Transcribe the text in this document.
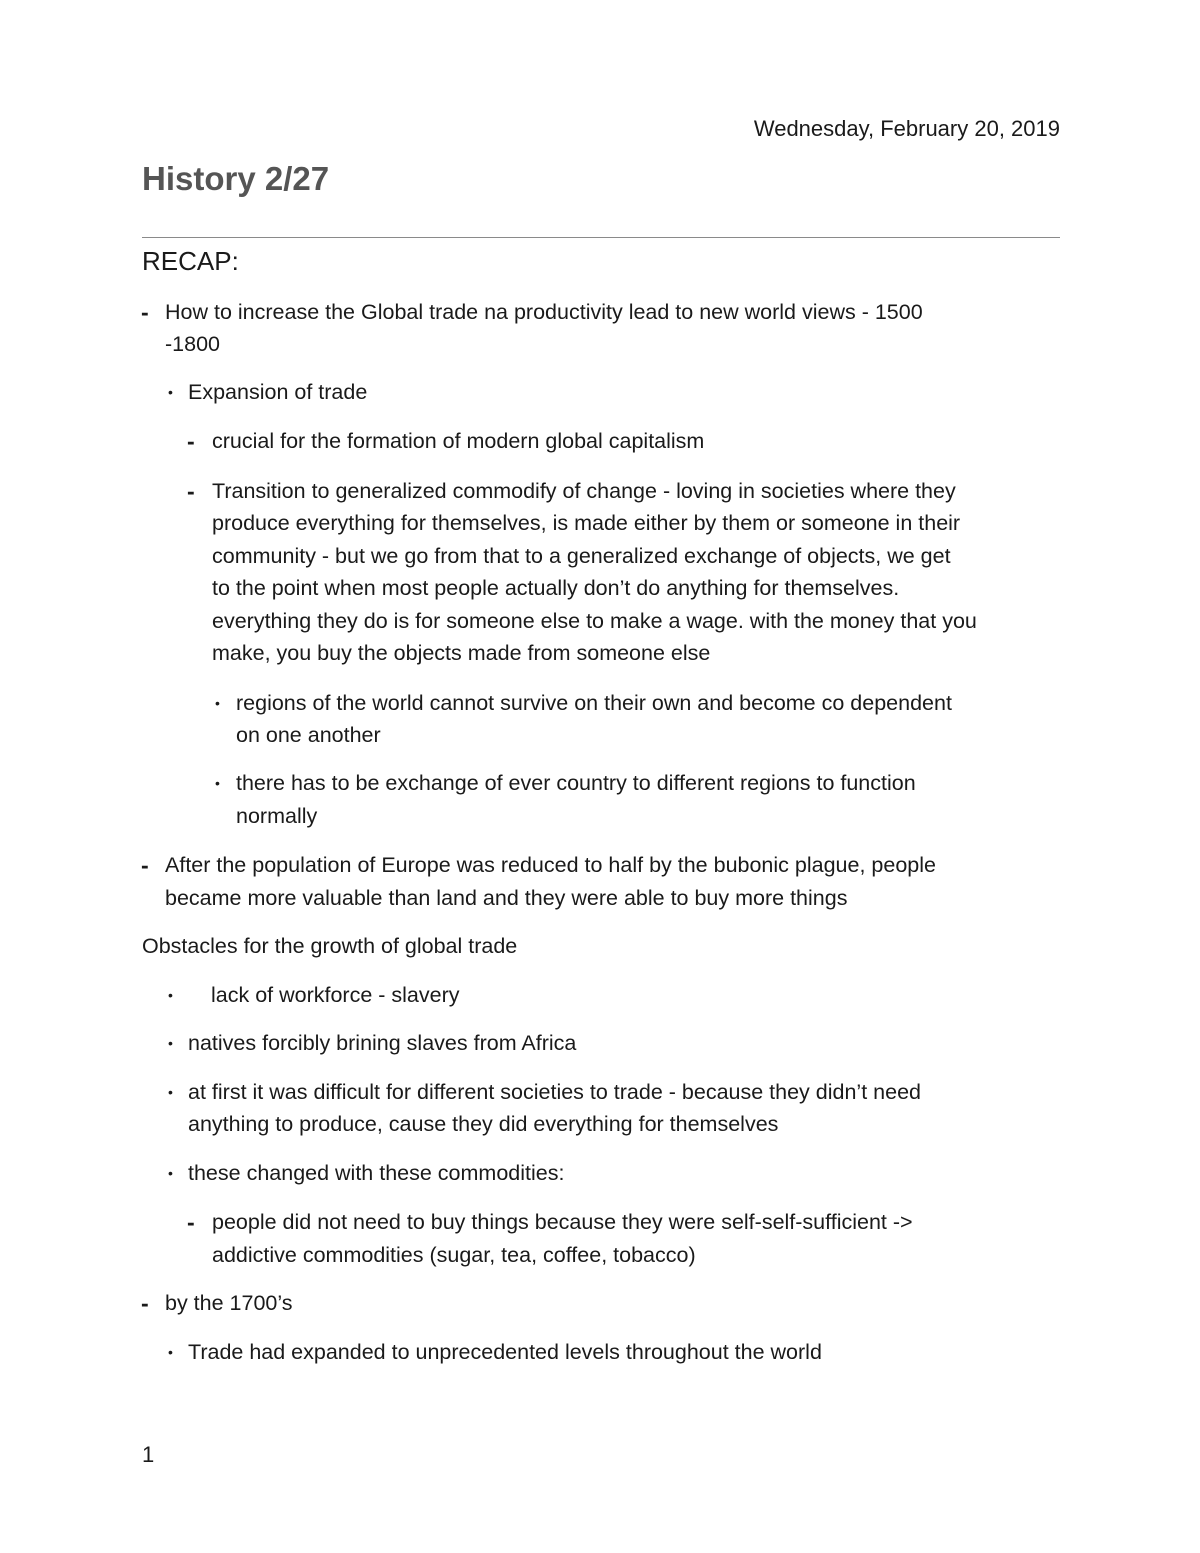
Wednesday, February 20, 2019
History 2/27
RECAP:
- How to increase the Global trade na productivity lead to new world views - 1500
-1800
• Expansion of trade
- crucial for the formation of modern global capitalism
- Transition to generalized commodify of change - loving in societies where they
produce everything for themselves, is made either by them or someone in their
community - but we go from that to a generalized exchange of objects, we get
to the point when most people actually don’t do anything for themselves.
everything they do is for someone else to make a wage. with the money that you
make, you buy the objects made from someone else
• regions of the world cannot survive on their own and become co dependent
on one another
• there has to be exchange of ever country to different regions to function
normally
- After the population of Europe was reduced to half by the bubonic plague, people
became more valuable than land and they were able to buy more things
Obstacles for the growth of global trade
• lack of workforce - slavery
• natives forcibly brining slaves from Africa
• at first it was difficult for different societies to trade - because they didn’t need
anything to produce, cause they did everything for themselves
• these changed with these commodities:
- people did not need to buy things because they were self-self-sufficient ->
addictive commodities (sugar, tea, coffee, tobacco)
- by the 1700’s
• Trade had expanded to unprecedented levels throughout the world
1
